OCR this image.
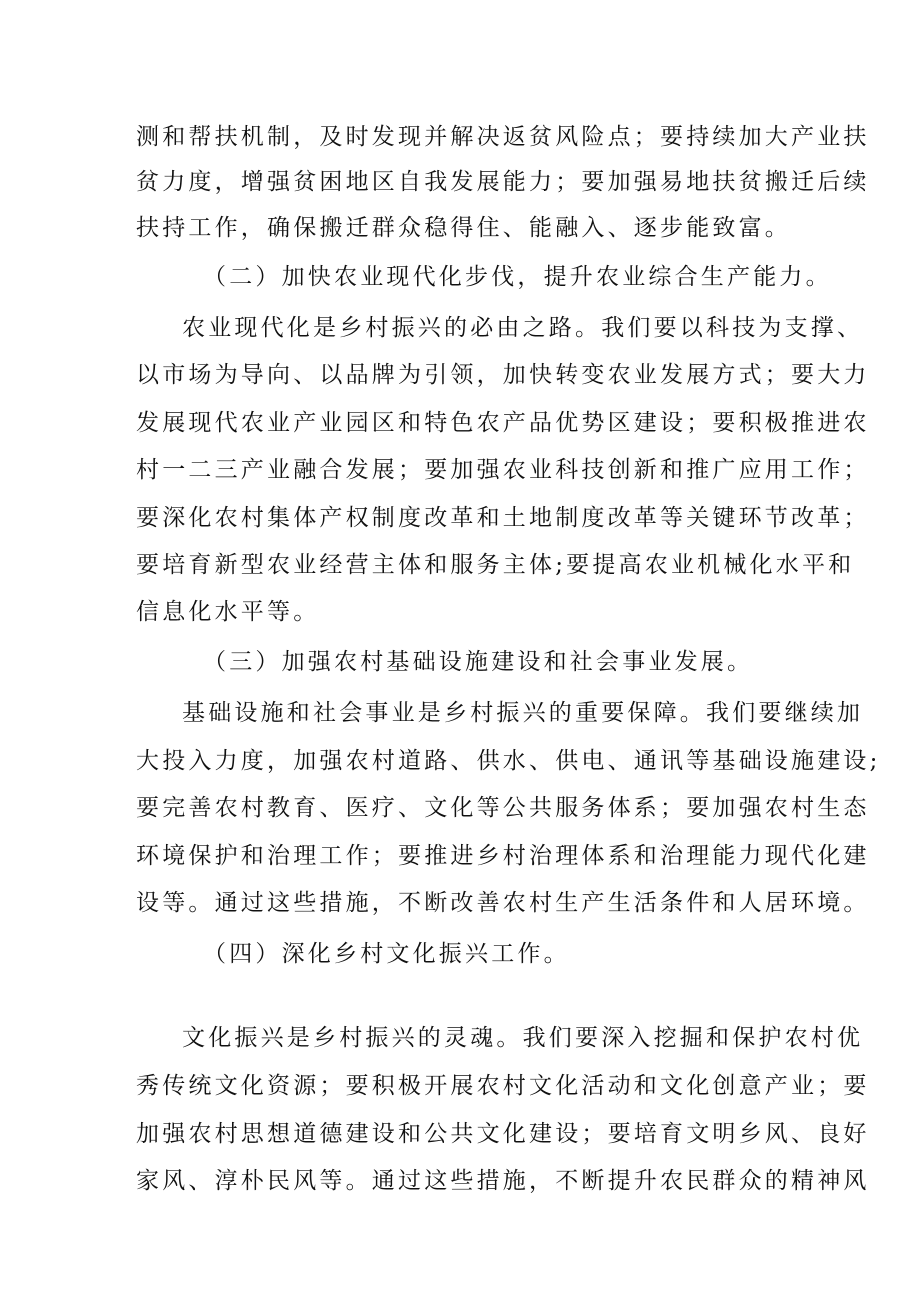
测和帮扶机制，及时发现并解决返贫风险点；要持续加大产业扶

贫力度，增强贫困地区自我发展能力；要加强易地扶贫搬迁后续

扶持工作，确保搬迁群众稳得住、能融入、逐步能致富。

（二）加快农业现代化步伐，提升农业综合生产能力。

农业现代化是乡村振兴的必由之路。我们要以科技为支撑、

以市场为导向、以品牌为引领，加快转变农业发展方式；要大力

发展现代农业产业园区和特色农产品优势区建设；要积极推进农

村一二三产业融合发展；要加强农业科技创新和推广应用工作；

要深化农村集体产权制度改革和土地制度改革等关键环节改革；

要培育新型农业经营主体和服务主体;要提高农业机械化水平和

信息化水平等。

（三）加强农村基础设施建设和社会事业发展。

基础设施和社会事业是乡村振兴的重要保障。我们要继续加

大投入力度，加强农村道路、供水、供电、通讯等基础设施建设;

要完善农村教育、医疗、文化等公共服务体系；要加强农村生态

环境保护和治理工作；要推进乡村治理体系和治理能力现代化建

设等。通过这些措施，不断改善农村生产生活条件和人居环境。

（四）深化乡村文化振兴工作。

文化振兴是乡村振兴的灵魂。我们要深入挖掘和保护农村优

秀传统文化资源；要积极开展农村文化活动和文化创意产业；要

加强农村思想道德建设和公共文化建设；要培育文明乡风、良好

家风、淳朴民风等。通过这些措施，不断提升农民群众的精神风
